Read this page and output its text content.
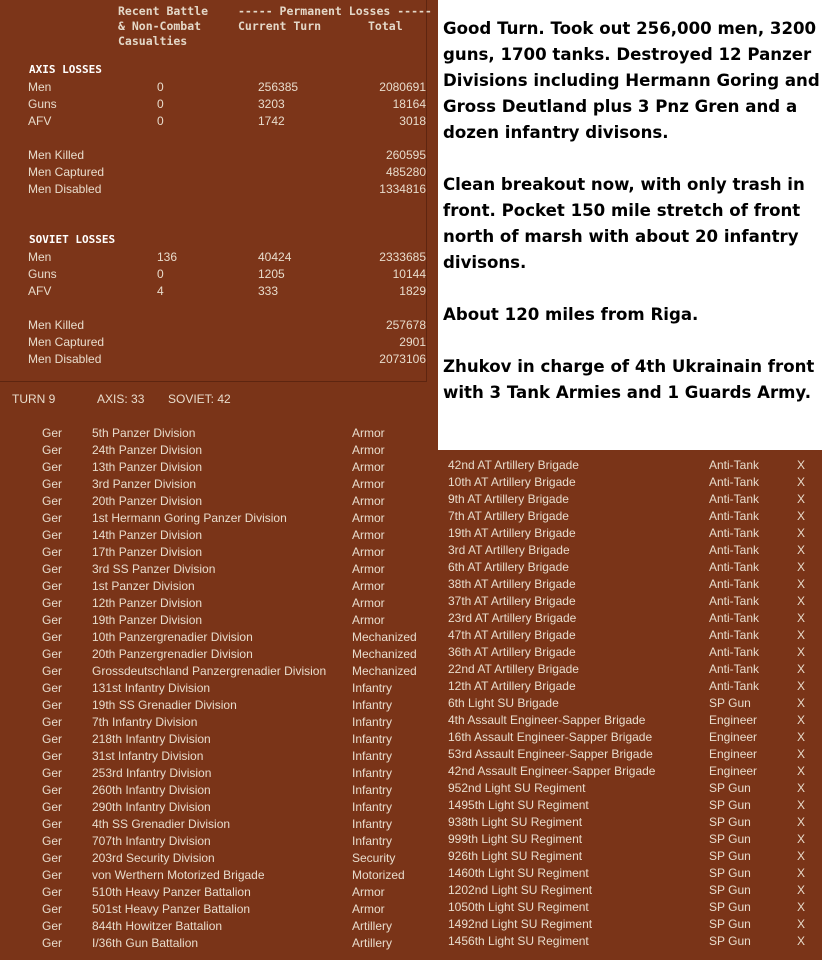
Recent Battle
& Non-Combat
Casualties
----- Permanent Losses -----
Current Turn	Total
AXIS LOSSES
Men	0	256385	2080691
Guns	0	3203	18164
AFV	0	1742	3018
Men Killed	260595
Men Captured	485280
Men Disabled	1334816
SOVIET LOSSES
Men	136	40424	2333685
Guns	0	1205	10144
AFV	4	333	1829
Men Killed	257678
Men Captured	2901
Men Disabled	2073106
TURN 9	AXIS: 33 SOVIET: 42

Good Turn. Took out 256,000 men, 3200 guns, 1700 tanks. Destroyed 12 Panzer Divisions including Hermann Goring and Gross Deutland plus 3 Pnz Gren and a dozen infantry divisons.

Clean breakout now, with only trash in front. Pocket 150 mile stretch of front north of marsh with about 20 infantry divisons.

About 120 miles from Riga.

Zhukov in charge of 4th Ukrainain front with 3 Tank Armies and 1 Guards Army.

Ger 5th Panzer Division	Armor
Ger 24th Panzer Division	Armor
Ger 13th Panzer Division	Armor
Ger 3rd Panzer Division	Armor
Ger 20th Panzer Division	Armor
Ger 1st Hermann Goring Panzer Division	Armor
Ger 14th Panzer Division	Armor
Ger 17th Panzer Division	Armor
Ger 3rd SS Panzer Division	Armor
Ger 1st Panzer Division	Armor
Ger 12th Panzer Division	Armor
Ger 19th Panzer Division	Armor
Ger 10th Panzergrenadier Division	Mechanized
Ger 20th Panzergrenadier Division	Mechanized
Ger Grossdeutschland Panzergrenadier Division Mechanized
Ger 131st Infantry Division	Infantry
Ger 19th SS Grenadier Division	Infantry
Ger 7th Infantry Division	Infantry
Ger 218th Infantry Division	Infantry
Ger 31st Infantry Division	Infantry
Ger 253rd Infantry Division	Infantry
Ger 260th Infantry Division	Infantry
Ger 290th Infantry Division	Infantry
Ger 4th SS Grenadier Division	Infantry
Ger 707th Infantry Division	Infantry
Ger 203rd Security Division	Security
Ger von Werthern Motorized Brigade	Motorized
Ger 510th Heavy Panzer Battalion	Armor
Ger 501st Heavy Panzer Battalion	Armor
Ger 844th Howitzer Battalion	Artillery
Ger I/36th Gun Battalion	Artillery
42nd AT Artillery Brigade	Anti-Tank	X
10th AT Artillery Brigade	Anti-Tank	X
9th AT Artillery Brigade	Anti-Tank	X
7th AT Artillery Brigade	Anti-Tank	X
19th AT Artillery Brigade	Anti-Tank	X
3rd AT Artillery Brigade	Anti-Tank	X
6th AT Artillery Brigade	Anti-Tank	X
38th AT Artillery Brigade	Anti-Tank	X
37th AT Artillery Brigade	Anti-Tank	X
23rd AT Artillery Brigade	Anti-Tank	X
47th AT Artillery Brigade	Anti-Tank	X
36th AT Artillery Brigade	Anti-Tank	X
22nd AT Artillery Brigade	Anti-Tank	X
12th AT Artillery Brigade	Anti-Tank	X
6th Light SU Brigade	SP Gun	X
4th Assault Engineer-Sapper Brigade	Engineer	X
16th Assault Engineer-Sapper Brigade	Engineer	X
53rd Assault Engineer-Sapper Brigade	Engineer	X
42nd Assault Engineer-Sapper Brigade	Engineer	X
952nd Light SU Regiment	SP Gun	X
1495th Light SU Regiment	SP Gun	X
938th Light SU Regiment	SP Gun	X
999th Light SU Regiment	SP Gun	X
926th Light SU Regiment	SP Gun	X
1460th Light SU Regiment	SP Gun	X
1202nd Light SU Regiment	SP Gun	X
1050th Light SU Regiment	SP Gun	X
1492nd Light SU Regiment	SP Gun	X
1456th Light SU Regiment	SP Gun	X
